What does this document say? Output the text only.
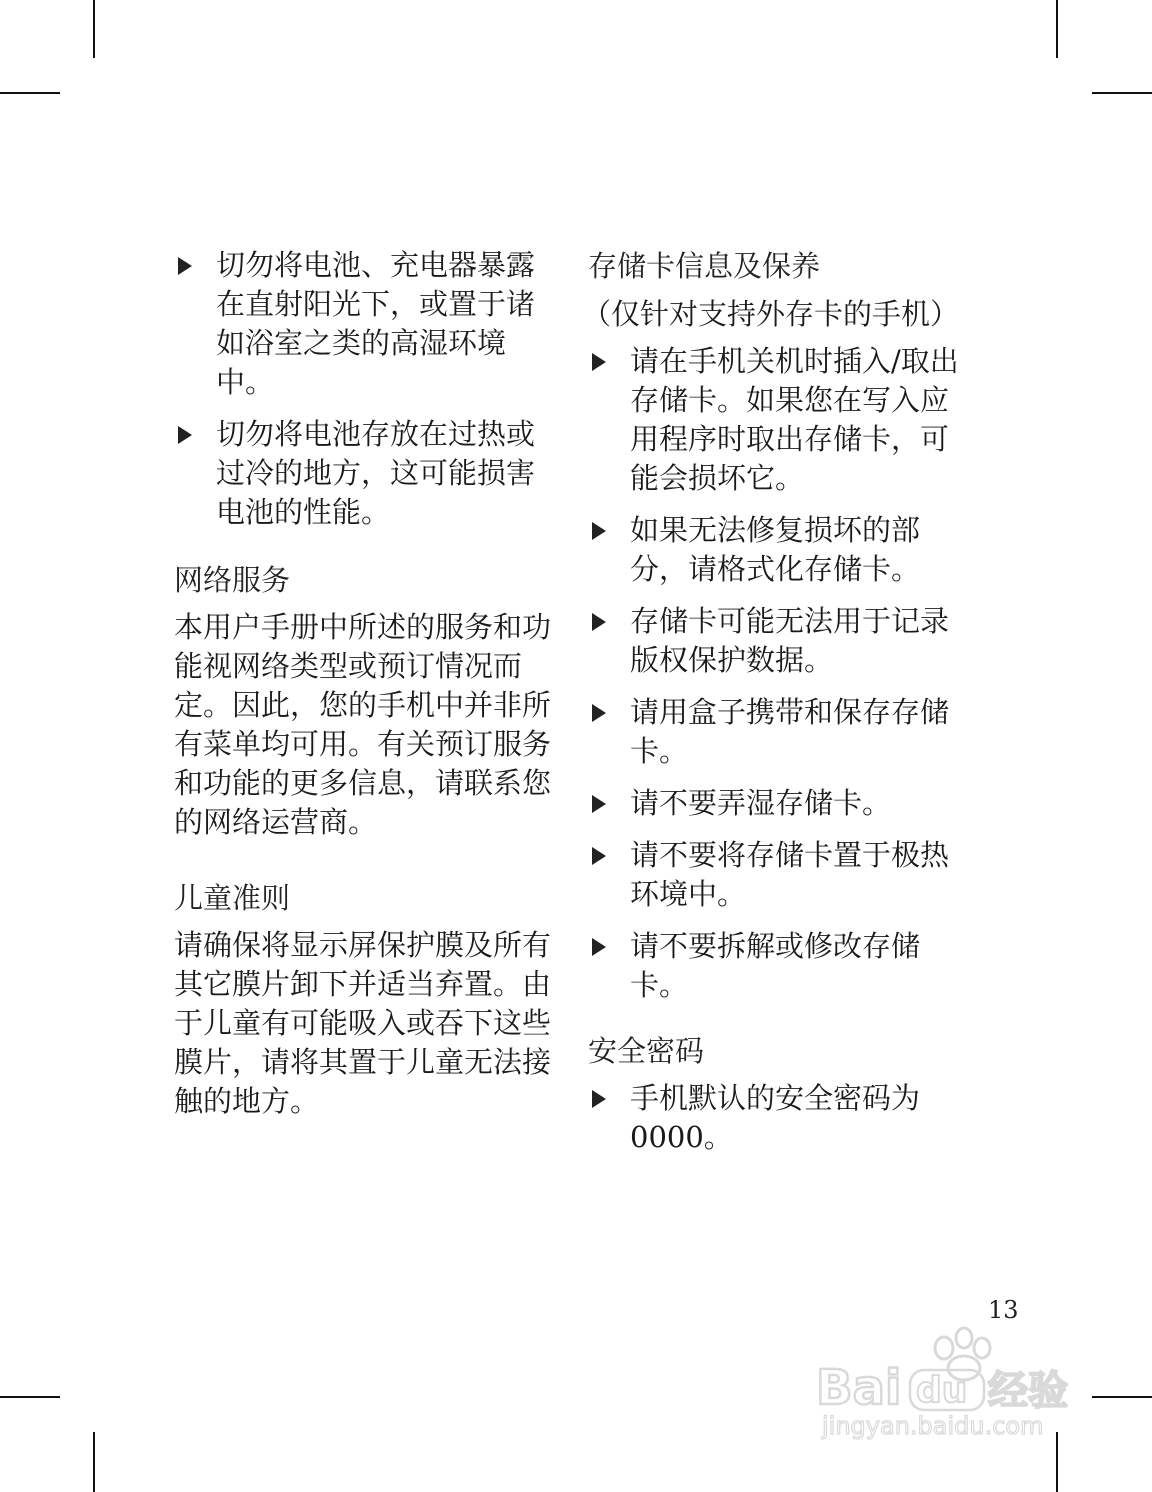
切勿将电池、充电器暴露在直射阳光下，或置于诸如浴室之类的高湿环境中。
切勿将电池存放在过热或过冷的地方，这可能损害电池的性能。
网络服务

本用户手册中所述的服务和功能视网络类型或预订情况而定。因此，您的手机中并非所有菜单均可用。有关预订服务和功能的更多信息，请联系您的网络运营商。

儿童准则

请确保将显示屏保护膜及所有其它膜片卸下并适当弃置。由于儿童有可能吸入或吞下这些膜片，请将其置于儿童无法接触的地方。

存储卡信息及保养
（仅针对支持外存卡的手机）
请在手机关机时插入/取出存储卡。如果您在写入应用程序时取出存储卡，可能会损坏它。
如果无法修复损坏的部分，请格式化存储卡。
存储卡可能无法用于记录版权保护数据。
请用盒子携带和保存存储卡。
请不要弄湿存储卡。
请不要将存储卡置于极热环境中。
请不要拆解或修改存储卡。
安全密码
手机默认的安全密码为0000。
13
Bai du 经验
jingyan.baidu.com
